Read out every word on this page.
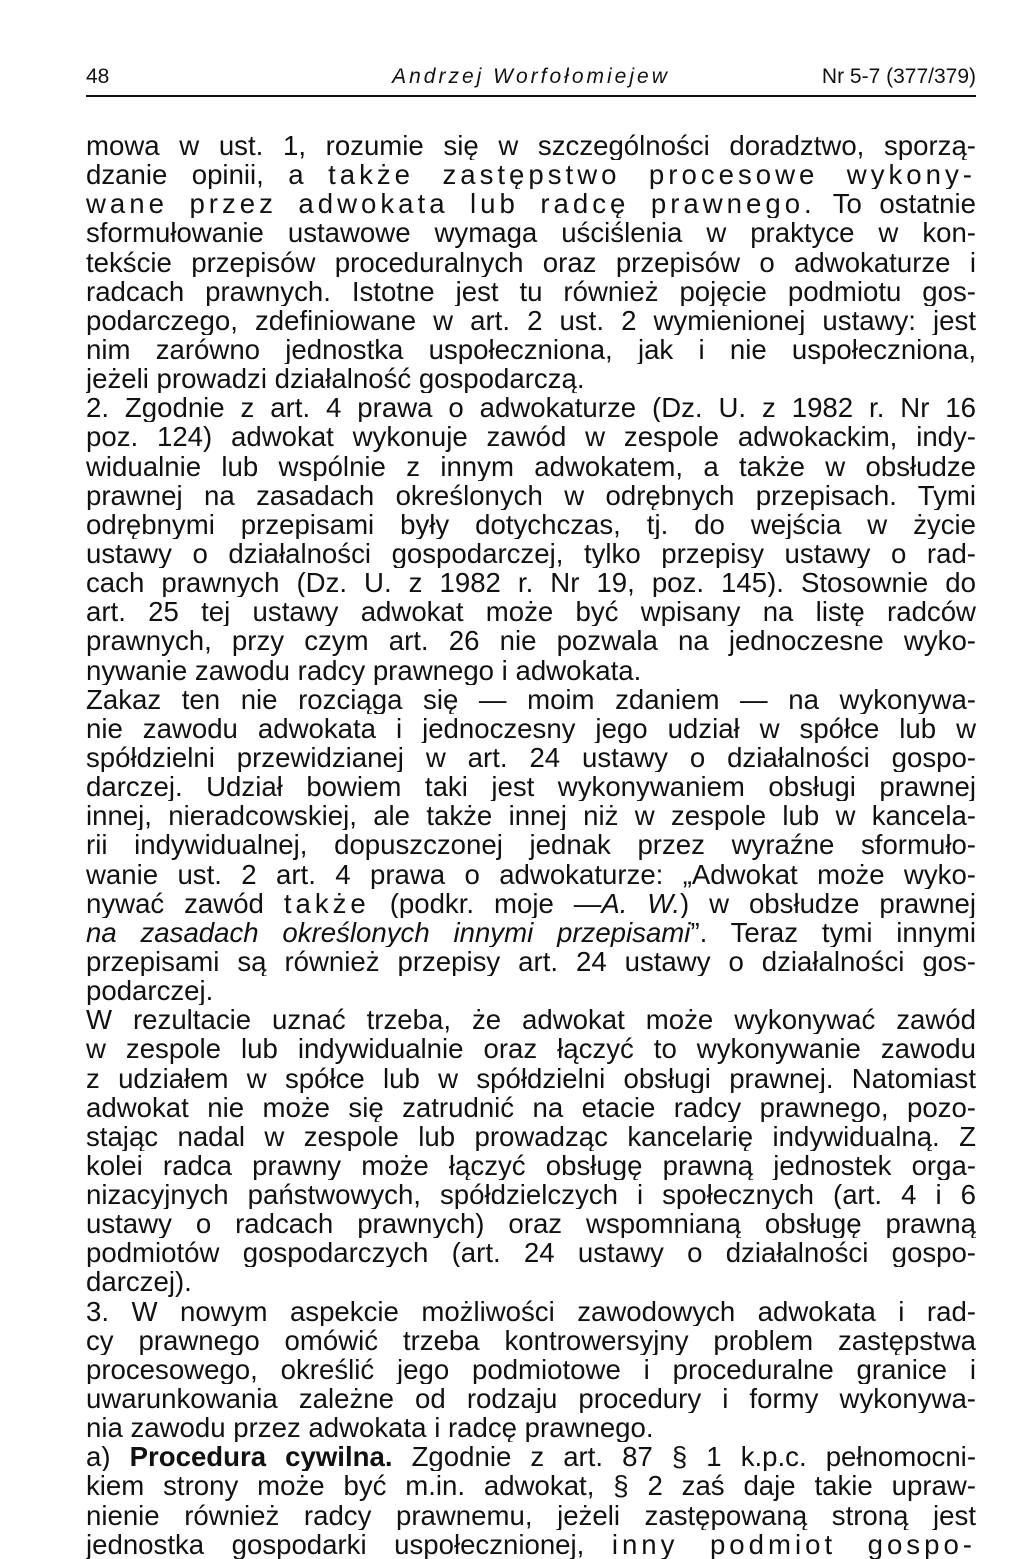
48	Andrzej Worfołomiejew	Nr 5-7 (377/379)
mowa w ust. 1, rozumie się w szczególności doradztwo, sporzą-
dzanie opinii, a także zastępstwo procesowe wykony-
wane przez adwokata lub radcę prawnego. To ostatnie
sformułowanie ustawowe wymaga uściślenia w praktyce w kon-
tekście przepisów proceduralnych oraz przepisów o adwokaturze i
radcach prawnych. Istotne jest tu również pojęcie podmiotu gos-
podarczego, zdefiniowane w art. 2 ust. 2 wymienionej ustawy: jest
nim zarówno jednostka uspołeczniona, jak i nie uspołeczniona,
jeżeli prowadzi działalność gospodarczą.
2. Zgodnie z art. 4 prawa o adwokaturze (Dz. U. z 1982 r. Nr 16
poz. 124) adwokat wykonuje zawód w zespole adwokackim, indy-
widualnie lub wspólnie z innym adwokatem, a także w obsłudze
prawnej na zasadach określonych w odrębnych przepisach. Tymi
odrębnymi przepisami były dotychczas, tj. do wejścia w życie
ustawy o działalności gospodarczej, tylko przepisy ustawy o rad-
cach prawnych (Dz. U. z 1982 r. Nr 19, poz. 145). Stosownie do
art. 25 tej ustawy adwokat może być wpisany na listę radców
prawnych, przy czym art. 26 nie pozwala na jednoczesne wyko-
nywanie zawodu radcy prawnego i adwokata.
Zakaz ten nie rozciąga się — moim zdaniem — na wykonywa-
nie zawodu adwokata i jednoczesny jego udział w spółce lub w
spółdzielni przewidzianej w art. 24 ustawy o działalności gospo-
darczej. Udział bowiem taki jest wykonywaniem obsługi prawnej
innej, nieradcowskiej, ale także innej niż w zespole lub w kancela-
rii indywidualnej, dopuszczonej jednak przez wyraźne sformuło-
wanie ust. 2 art. 4 prawa o adwokaturze: „Adwokat może wyko-
nywać zawód także (podkr. moje —A. W.) w obsłudze prawnej
na zasadach określonych innymi przepisami”. Teraz tymi innymi
przepisami są również przepisy art. 24 ustawy o działalności gos-
podarczej.
W rezultacie uznać trzeba, że adwokat może wykonywać zawód
w zespole lub indywidualnie oraz łączyć to wykonywanie zawodu
z udziałem w spółce lub w spółdzielni obsługi prawnej. Natomiast
adwokat nie może się zatrudnić na etacie radcy prawnego, pozo-
stając nadal w zespole lub prowadząc kancelarię indywidualną. Z
kolei radca prawny może łączyć obsługę prawną jednostek orga-
nizacyjnych państwowych, spółdzielczych i społecznych (art. 4 i 6
ustawy o radcach prawnych) oraz wspomnianą obsługę prawną
podmiotów gospodarczych (art. 24 ustawy o działalności gospo-
darczej).
3. W nowym aspekcie możliwości zawodowych adwokata i rad-
cy prawnego omówić trzeba kontrowersyjny problem zastępstwa
procesowego, określić jego podmiotowe i proceduralne granice i
uwarunkowania zależne od rodzaju procedury i formy wykonywa-
nia zawodu przez adwokata i radcę prawnego.
a) Procedura cywilna. Zgodnie z art. 87 § 1 k.p.c. pełnomocni-
kiem strony może być m.in. adwokat, § 2 zaś daje takie upraw-
nienie również radcy prawnemu, jeżeli zastępowaną stroną jest
jednostka gospodarki uspołecznionej, inny podmiot gospo-
